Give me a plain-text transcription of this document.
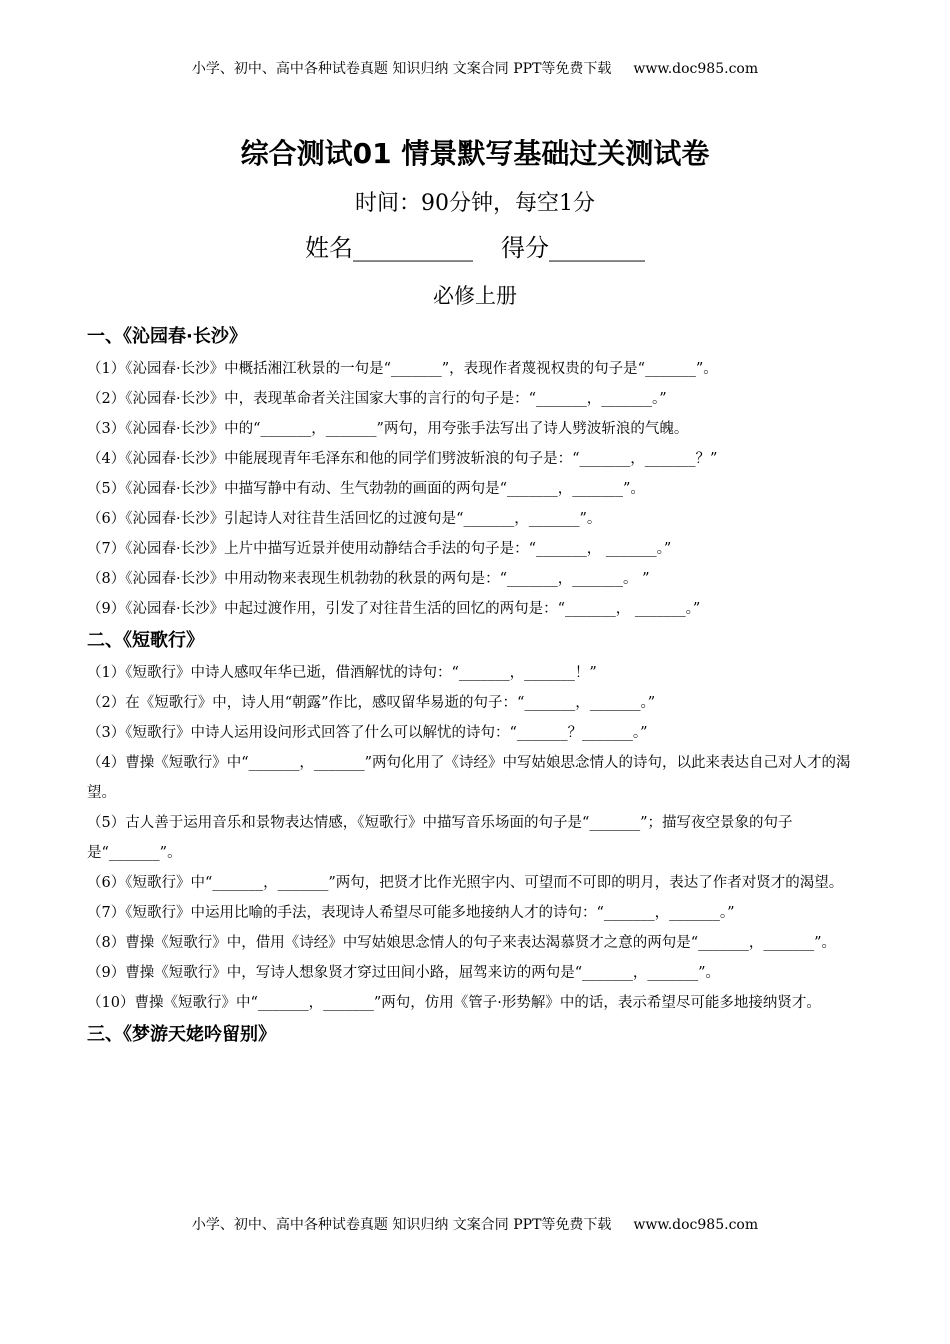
小学、初中、高中各种试卷真题 知识归纳 文案合同 PPT等免费下载 www.doc985.com
综合测试01 情景默写基础过关测试卷
时间：90分钟，每空1分
姓名__________ 得分________
必修上册

一、《沁园春·长沙》

（1）《沁园春·长沙》中概括湘江秋景的一句是“_______”，表现作者蔑视权贵的句子是“_______”。

（2）《沁园春·长沙》中，表现革命者关注国家大事的言行的句子是：“_______，_______。”

（3）《沁园春·长沙》中的“_______，_______”两句，用夸张手法写出了诗人劈波斩浪的气魄。

（4）《沁园春·长沙》中能展现青年毛泽东和他的同学们劈波斩浪的句子是：“_______，_______？”

（5）《沁园春·长沙》中描写静中有动、生气勃勃的画面的两句是“_______，_______”。

（6）《沁园春·长沙》引起诗人对往昔生活回忆的过渡句是“_______，_______”。

（7）《沁园春·长沙》上片中描写近景并使用动静结合手法的句子是：“_______， _______。”

（8）《沁园春·长沙》中用动物来表现生机勃勃的秋景的两句是：“_______，_______。 ”

（9）《沁园春·长沙》中起过渡作用，引发了对往昔生活的回忆的两句是：“_______， _______。”

二、《短歌行》

（1）《短歌行》中诗人感叹年华已逝，借酒解忧的诗句：“_______，_______！”

（2）在《短歌行》中，诗人用“朝露”作比，感叹留华易逝的句子：“_______，_______。”

（3）《短歌行》中诗人运用设问形式回答了什么可以解忧的诗句：“_______？_______。”

（4）曹操《短歌行》中“_______，_______”两句化用了《诗经》中写姑娘思念情人的诗句，以此来表达自己对人才的渴望。

（5）古人善于运用音乐和景物表达情感，《短歌行》中描写音乐场面的句子是“_______”；描写夜空景象的句子是“_______”。

（6）《短歌行》中“_______，_______”两句，把贤才比作光照宇内、可望而不可即的明月，表达了作者对贤才的渴望。

（7）《短歌行》中运用比喻的手法，表现诗人希望尽可能多地接纳人才的诗句：“_______，_______。”

（8）曹操《短歌行》中，借用《诗经》中写姑娘思念情人的句子来表达渴慕贤才之意的两句是“_______，_______”。

（9）曹操《短歌行》中，写诗人想象贤才穿过田间小路，屈驾来访的两句是“_______，_______”。

（10）曹操《短歌行》中“_______，_______”两句，仿用《管子·形势解》中的话，表示希望尽可能多地接纳贤才。

三、《梦游天姥吟留别》

小学、初中、高中各种试卷真题 知识归纳 文案合同 PPT等免费下载 www.doc985.com
